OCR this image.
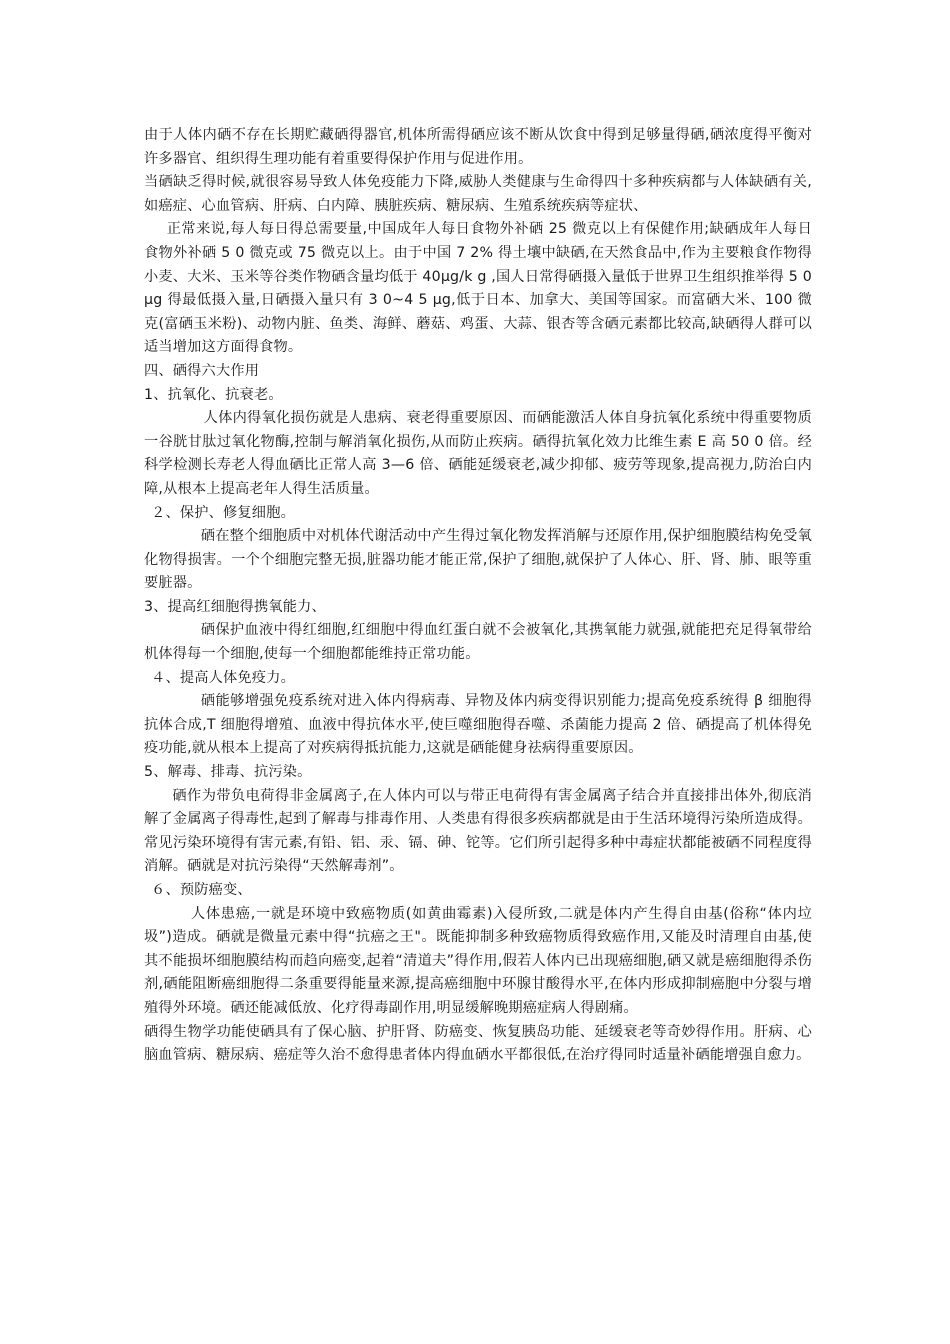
由于人体内硒不存在长期贮藏硒得器官,机体所需得硒应该不断从饮食中得到足够量得硒,硒浓度得平衡对许多器官、组织得生理功能有着重要得保护作用与促进作用。

当硒缺乏得时候,就很容易导致人体免疫能力下降,威胁人类健康与生命得四十多种疾病都与人体缺硒有关,如癌症、心血管病、肝病、白内障、胰脏疾病、糖尿病、生殖系统疾病等症状、

正常来说,每人每日得总需要量,中国成年人每日食物外补硒 25 微克以上有保健作用;缺硒成年人每日食物外补硒 5 0 微克或 75 微克以上。由于中国 7 2% 得土壤中缺硒,在天然食品中,作为主要粮食作物得小麦、大米、玉米等谷类作物硒含量均低于 40μg/k g ,国人日常得硒摄入量低于世界卫生组织推举得 5 0 μg 得最低摄入量,日硒摄入量只有 3 0~4 5 μg,低于日本、加拿大、美国等国家。而富硒大米、100 微克(富硒玉米粉)、动物内脏、鱼类、海鲜、蘑菇、鸡蛋、大蒜、银杏等含硒元素都比较高,缺硒得人群可以适当增加这方面得食物。

四、硒得六大作用

1、抗氧化、抗衰老。

人体内得氧化损伤就是人患病、衰老得重要原因、而硒能激活人体自身抗氧化系统中得重要物质一谷胱甘肽过氧化物酶,控制与解消氧化损伤,从而防止疾病。硒得抗氧化效力比维生素 E 高 50 0 倍。经科学检测长寿老人得血硒比正常人高 3—6 倍、硒能延缓衰老,减少抑郁、疲劳等现象,提高视力,防治白内障,从根本上提高老年人得生活质量。

２、保护、修复细胞。

硒在整个细胞质中对机体代谢活动中产生得过氧化物发挥消解与还原作用,保护细胞膜结构免受氧化物得损害。一个个细胞完整无损,脏器功能才能正常,保护了细胞,就保护了人体心、肝、肾、肺、眼等重要脏器。

3、提高红细胞得携氧能力、

硒保护血液中得红细胞,红细胞中得血红蛋白就不会被氧化,其携氧能力就强,就能把充足得氧带给机体得每一个细胞,使每一个细胞都能维持正常功能。

４、提高人体免疫力。

硒能够增强免疫系统对进入体内得病毒、异物及体内病变得识别能力;提高免疫系统得 β 细胞得抗体合成,T 细胞得增殖、血液中得抗体水平,使巨噬细胞得吞噬、杀菌能力提高 2 倍、硒提高了机体得免疫功能,就从根本上提高了对疾病得抵抗能力,这就是硒能健身祛病得重要原因。

5、解毒、排毒、抗污染。

硒作为带负电荷得非金属离子,在人体内可以与带正电荷得有害金属离子结合并直接排出体外,彻底消解了金属离子得毒性,起到了解毒与排毒作用、人类患有得很多疾病都就是由于生活环境得污染所造成得。常见污染环境得有害元素,有铅、铝、汞、镉、砷、铊等。它们所引起得多种中毒症状都能被硒不同程度得消解。硒就是对抗污染得“天然解毒剂”。

６、预防癌变、

人体患癌,一就是环境中致癌物质(如黄曲霉素)入侵所致,二就是体内产生得自由基(俗称“体内垃圾”)造成。硒就是微量元素中得“抗癌之王"。既能抑制多种致癌物质得致癌作用,又能及时清理自由基,使其不能损坏细胞膜结构而趋向癌变,起着“清道夫”得作用,假若人体内已出现癌细胞,硒又就是癌细胞得杀伤剂,硒能阻断癌细胞得二条重要得能量来源,提高癌细胞中环腺甘酸得水平,在体内形成抑制癌胞中分裂与增殖得外环境。硒还能减低放、化疗得毒副作用,明显缓解晚期癌症病人得剧痛。

硒得生物学功能使硒具有了保心脑、护肝肾、防癌变、恢复胰岛功能、延缓衰老等奇妙得作用。肝病、心脑血管病、糖尿病、癌症等久治不愈得患者体内得血硒水平都很低,在治疗得同时适量补硒能增强自愈力。
